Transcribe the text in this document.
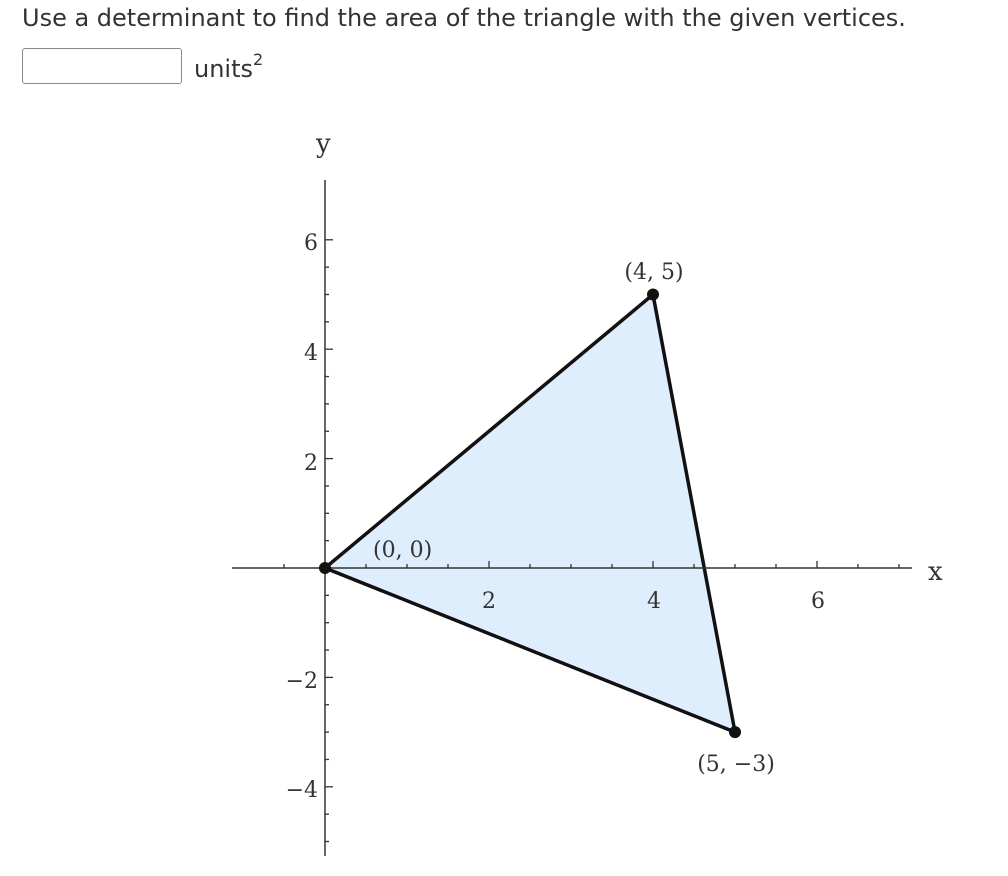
Use a determinant to find the area of the triangle with the given vertices.
units$^2$
x
y
2	4	6
6
4
2
−2
−4
(0, 0)
(4, 5)
(5, −3)
